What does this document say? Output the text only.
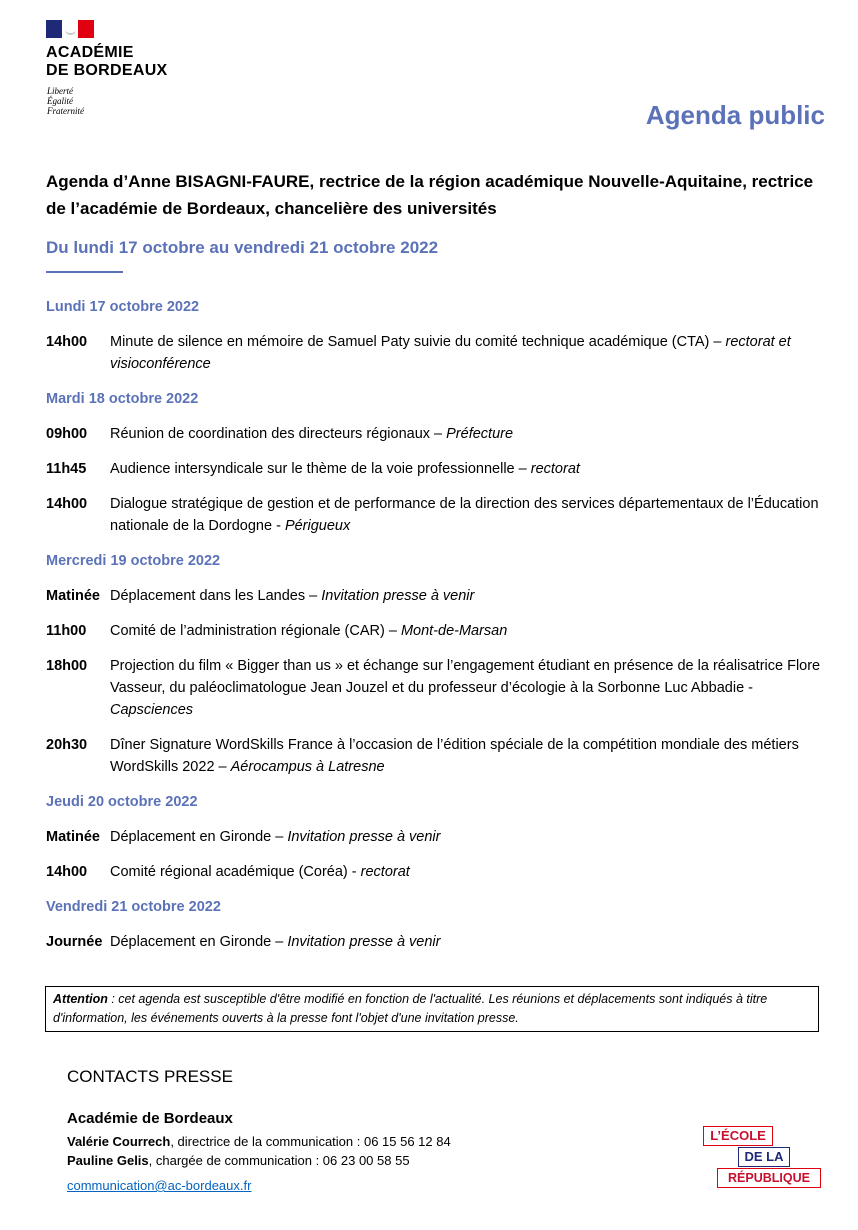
ACADÉMIE
DE BORDEAUX
Liberté
Égalité
Fraternité	Agenda public
Agenda d’Anne BISAGNI-FAURE, rectrice de la région académique Nouvelle-Aquitaine, rectrice de l’académie de Bordeaux, chancelière des universités
Du lundi 17 octobre au vendredi 21 octobre 2022
Lundi 17 octobre 2022
14h00	Minute de silence en mémoire de Samuel Paty suivie du comité technique académique (CTA) – rectorat et visioconférence
Mardi 18 octobre 2022
09h00	Réunion de coordination des directeurs régionaux – Préfecture
11h45	Audience intersyndicale sur le thème de la voie professionnelle – rectorat
14h00	Dialogue stratégique de gestion et de performance de la direction des services départementaux de l’Éducation nationale de la Dordogne - Périgueux
Mercredi 19 octobre 2022
Matinée Déplacement dans les Landes – Invitation presse à venir
11h00	Comité de l’administration régionale (CAR) – Mont-de-Marsan
18h00	Projection du film « Bigger than us » et échange sur l’engagement étudiant en présence de la réalisatrice Flore Vasseur, du paléoclimatologue Jean Jouzel et du professeur d’écologie à la Sorbonne Luc Abbadie - Capsciences
20h30	Dîner Signature WordSkills France à l’occasion de l’édition spéciale de la compétition mondiale des métiers WordSkills 2022 – Aérocampus à Latresne
Jeudi 20 octobre 2022
Matinée Déplacement en Gironde – Invitation presse à venir
14h00	Comité régional académique (Coréa) - rectorat
Vendredi 21 octobre 2022
Journée Déplacement en Gironde – Invitation presse à venir
Attention : cet agenda est susceptible d'être modifié en fonction de l'actualité. Les réunions et déplacements sont indiqués à titre d'information, les événements ouverts à la presse font l'objet d'une invitation presse.
CONTACTS PRESSE
Académie de Bordeaux
Valérie Courrech, directrice de la communication : 06 15 56 12 84
Pauline Gelis, chargée de communication : 06 23 00 58 55
communication@ac-bordeaux.fr
L’ÉCOLE
DE LA
RÉPUBLIQUE
